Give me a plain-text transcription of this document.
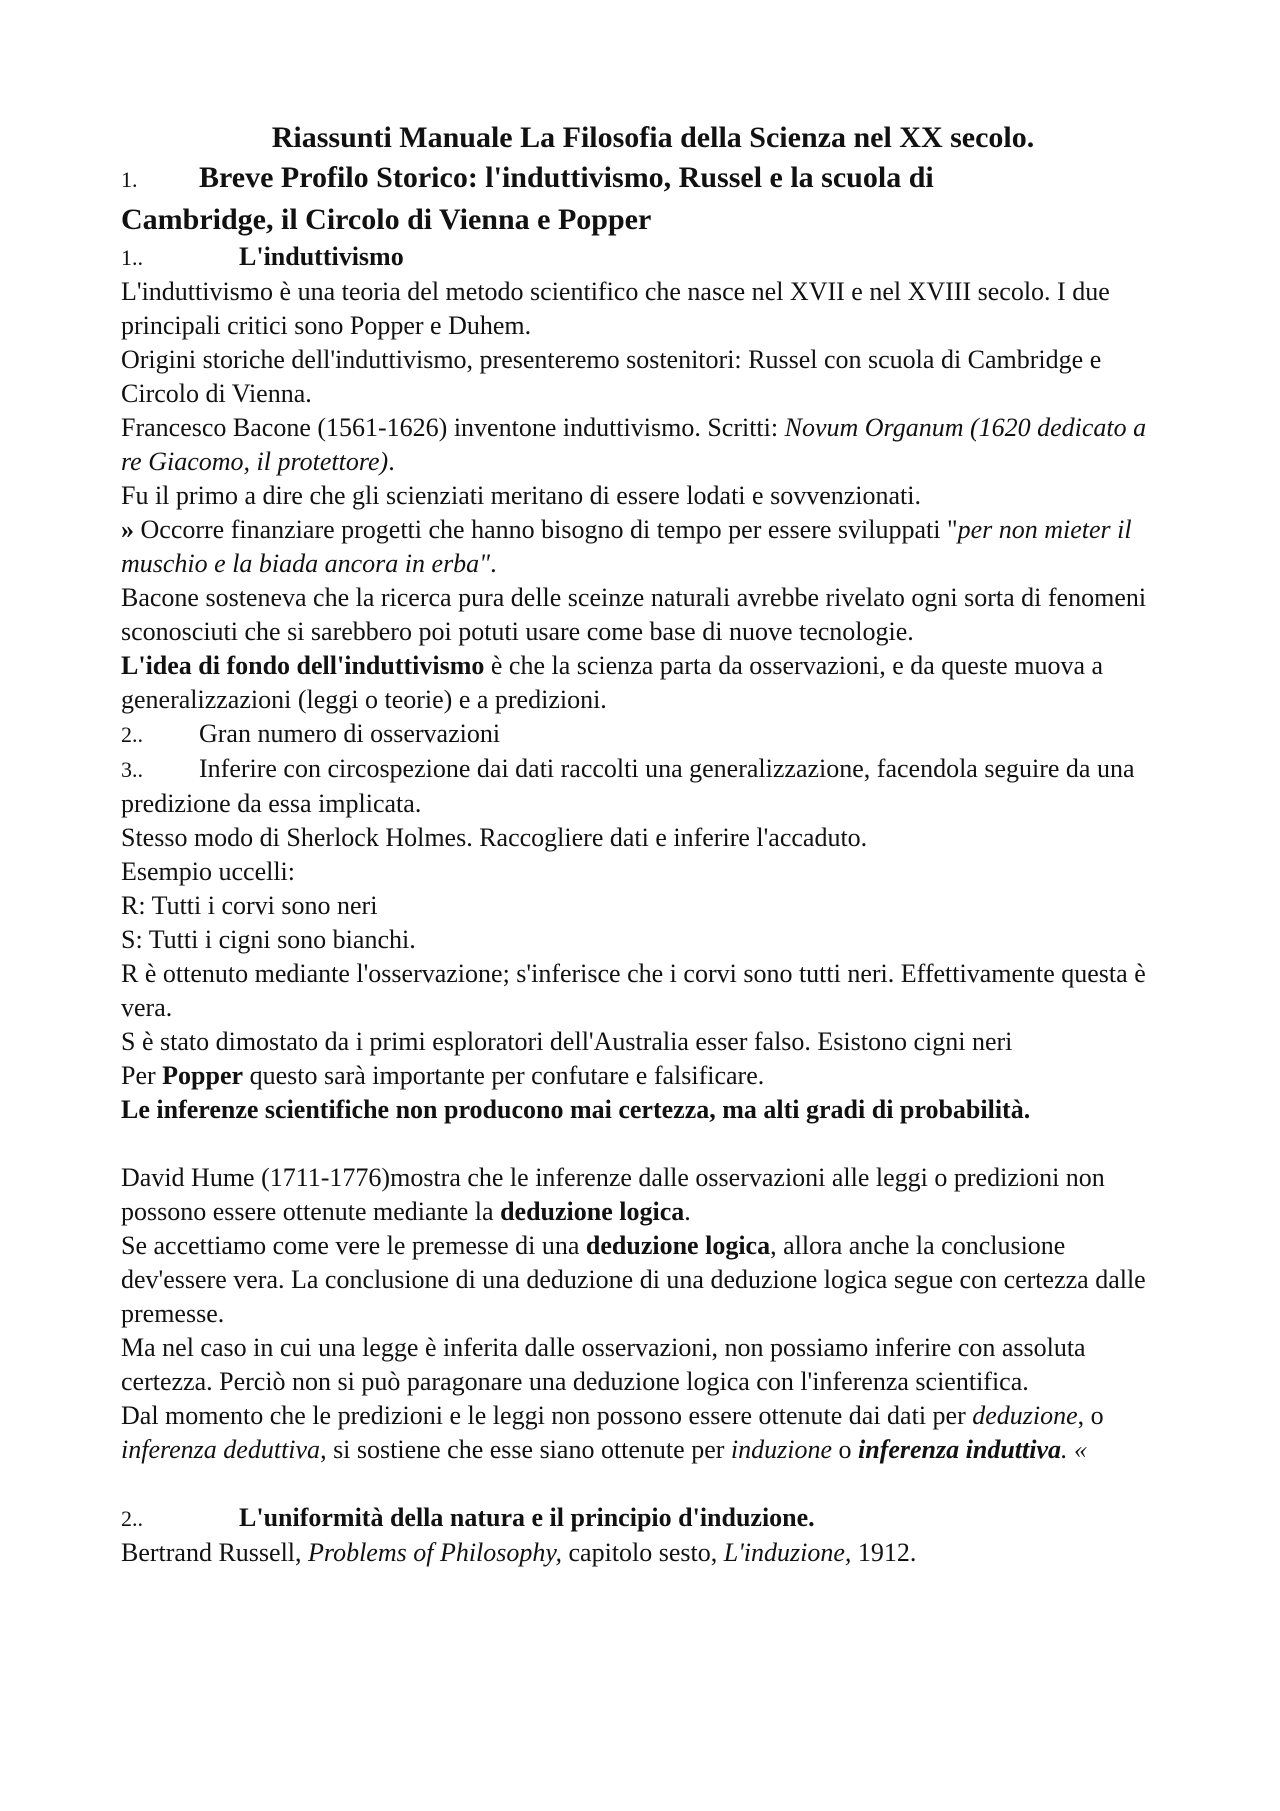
Riassunti Manuale La Filosofia della Scienza nel XX secolo.
1. Breve Profilo Storico: l'induttivismo, Russel e la scuola di
Cambridge, il Circolo di Vienna e Popper
1..	L'induttivismo

L'induttivismo è una teoria del metodo scientifico che nasce nel XVII e nel XVIII secolo. I due principali critici sono Popper e Duhem.

Origini storiche dell'induttivismo, presenteremo sostenitori: Russel con scuola di Cambridge e Circolo di Vienna.

Francesco Bacone (1561-1626) inventone induttivismo. Scritti: Novum Organum (1620 dedicato a re Giacomo, il protettore).

Fu il primo a dire che gli scienziati meritano di essere lodati e sovvenzionati.

» Occorre finanziare progetti che hanno bisogno di tempo per essere sviluppati "per non mieter il muschio e la biada ancora in erba".

Bacone sosteneva che la ricerca pura delle sceinze naturali avrebbe rivelato ogni sorta di fenomeni sconosciuti che si sarebbero poi potuti usare come base di nuove tecnologie.

L'idea di fondo dell'induttivismo è che la scienza parta da osservazioni, e da queste muova a generalizzazioni (leggi o teorie) e a predizioni.

2.. Gran numero di osservazioni

3.. Inferire con circospezione dai dati raccolti una generalizzazione, facendola seguire da una predizione da essa implicata.

Stesso modo di Sherlock Holmes. Raccogliere dati e inferire l'accaduto.

Esempio uccelli:

R: Tutti i corvi sono neri

S: Tutti i cigni sono bianchi.

R è ottenuto mediante l'osservazione; s'inferisce che i corvi sono tutti neri. Effettivamente questa è vera.

S è stato dimostato da i primi esploratori dell'Australia esser falso. Esistono cigni neri

Per Popper questo sarà importante per confutare e falsificare.

Le inferenze scientifiche non producono mai certezza, ma alti gradi di probabilità.

David Hume (1711-1776)mostra che le inferenze dalle osservazioni alle leggi o predizioni non possono essere ottenute mediante la deduzione logica.

Se accettiamo come vere le premesse di una deduzione logica, allora anche la conclusione dev'essere vera. La conclusione di una deduzione di una deduzione logica segue con certezza dalle premesse.

Ma nel caso in cui una legge è inferita dalle osservazioni, non possiamo inferire con assoluta certezza. Perciò non si può paragonare una deduzione logica con l'inferenza scientifica.

Dal momento che le predizioni e le leggi non possono essere ottenute dai dati per deduzione, o inferenza deduttiva, si sostiene che esse siano ottenute per induzione o inferenza induttiva. «

2..	L'uniformità della natura e il principio d'induzione.

Bertrand Russell, Problems of Philosophy, capitolo sesto, L'induzione, 1912.
